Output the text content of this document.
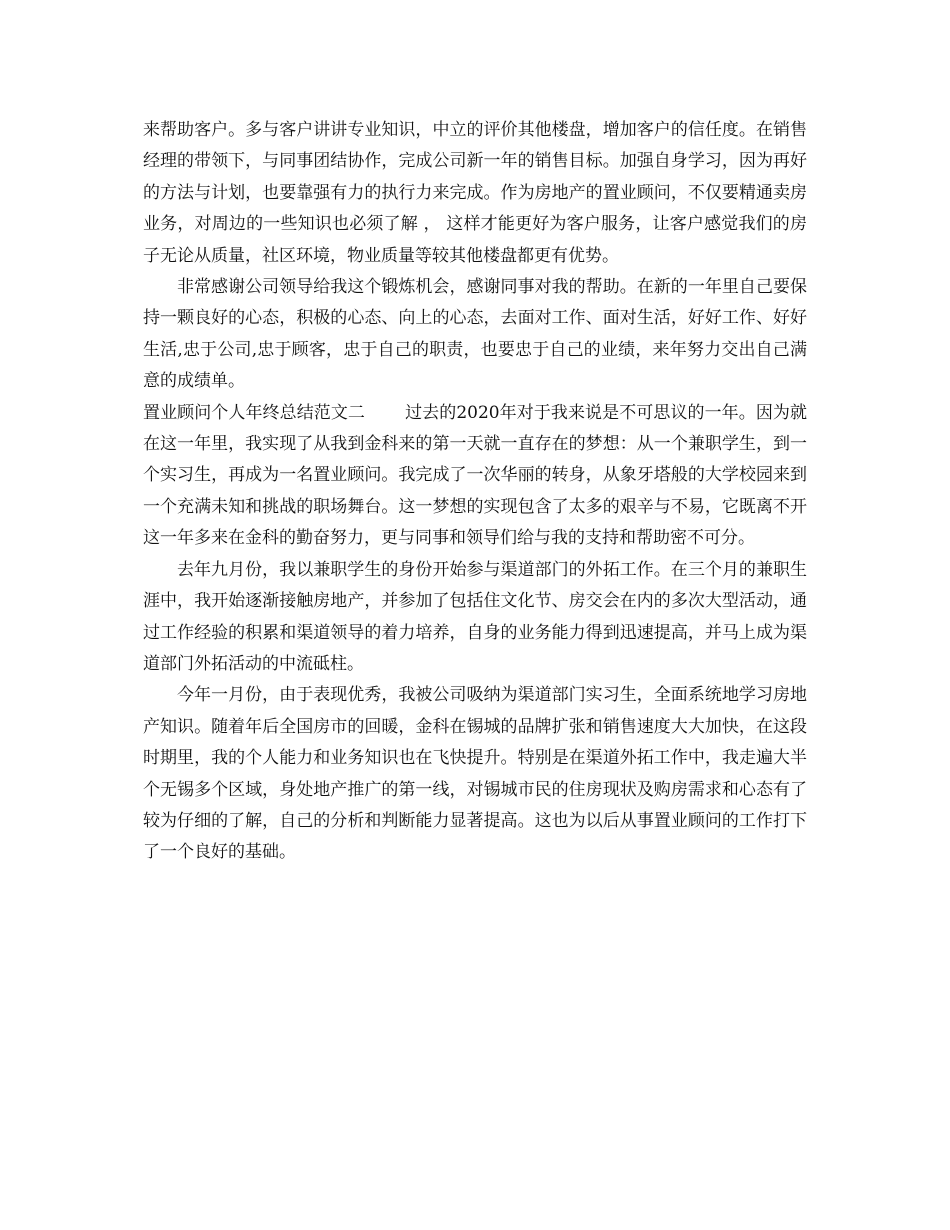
来帮助客户。多与客户讲讲专业知识，中立的评价其他楼盘，增加客户的信任度。在销售经理的带领下，与同事团结协作，完成公司新一年的销售目标。加强自身学习，因为再好的方法与计划，也要靠强有力的执行力来完成。作为房地产的置业顾问，不仅要精通卖房业务，对周边的一些知识也必须了解 ， 这样才能更好为客户服务，让客户感觉我们的房子无论从质量，社区环境，物业质量等较其他楼盘都更有优势。

非常感谢公司领导给我这个锻炼机会，感谢同事对我的帮助。在新的一年里自己要保持一颗良好的心态，积极的心态、向上的心态，去面对工作、面对生活，好好工作、好好生活,忠于公司,忠于顾客，忠于自己的职责，也要忠于自己的业绩，来年努力交出自己满意的成绩单。

置业顾问个人年终总结范文二 过去的2020年对于我来说是不可思议的一年。因为就在这一年里，我实现了从我到金科来的第一天就一直存在的梦想：从一个兼职学生，到一个实习生，再成为一名置业顾问。我完成了一次华丽的转身，从象牙塔般的大学校园来到一个充满未知和挑战的职场舞台。这一梦想的实现包含了太多的艰辛与不易，它既离不开这一年多来在金科的勤奋努力，更与同事和领导们给与我的支持和帮助密不可分。

去年九月份，我以兼职学生的身份开始参与渠道部门的外拓工作。在三个月的兼职生涯中，我开始逐渐接触房地产，并参加了包括住文化节、房交会在内的多次大型活动，通过工作经验的积累和渠道领导的着力培养，自身的业务能力得到迅速提高，并马上成为渠道部门外拓活动的中流砥柱。

今年一月份，由于表现优秀，我被公司吸纳为渠道部门实习生，全面系统地学习房地产知识。随着年后全国房市的回暖，金科在锡城的品牌扩张和销售速度大大加快，在这段时期里，我的个人能力和业务知识也在飞快提升。特别是在渠道外拓工作中，我走遍大半个无锡多个区域，身处地产推广的第一线，对锡城市民的住房现状及购房需求和心态有了较为仔细的了解，自己的分析和判断能力显著提高。这也为以后从事置业顾问的工作打下了一个良好的基础。
